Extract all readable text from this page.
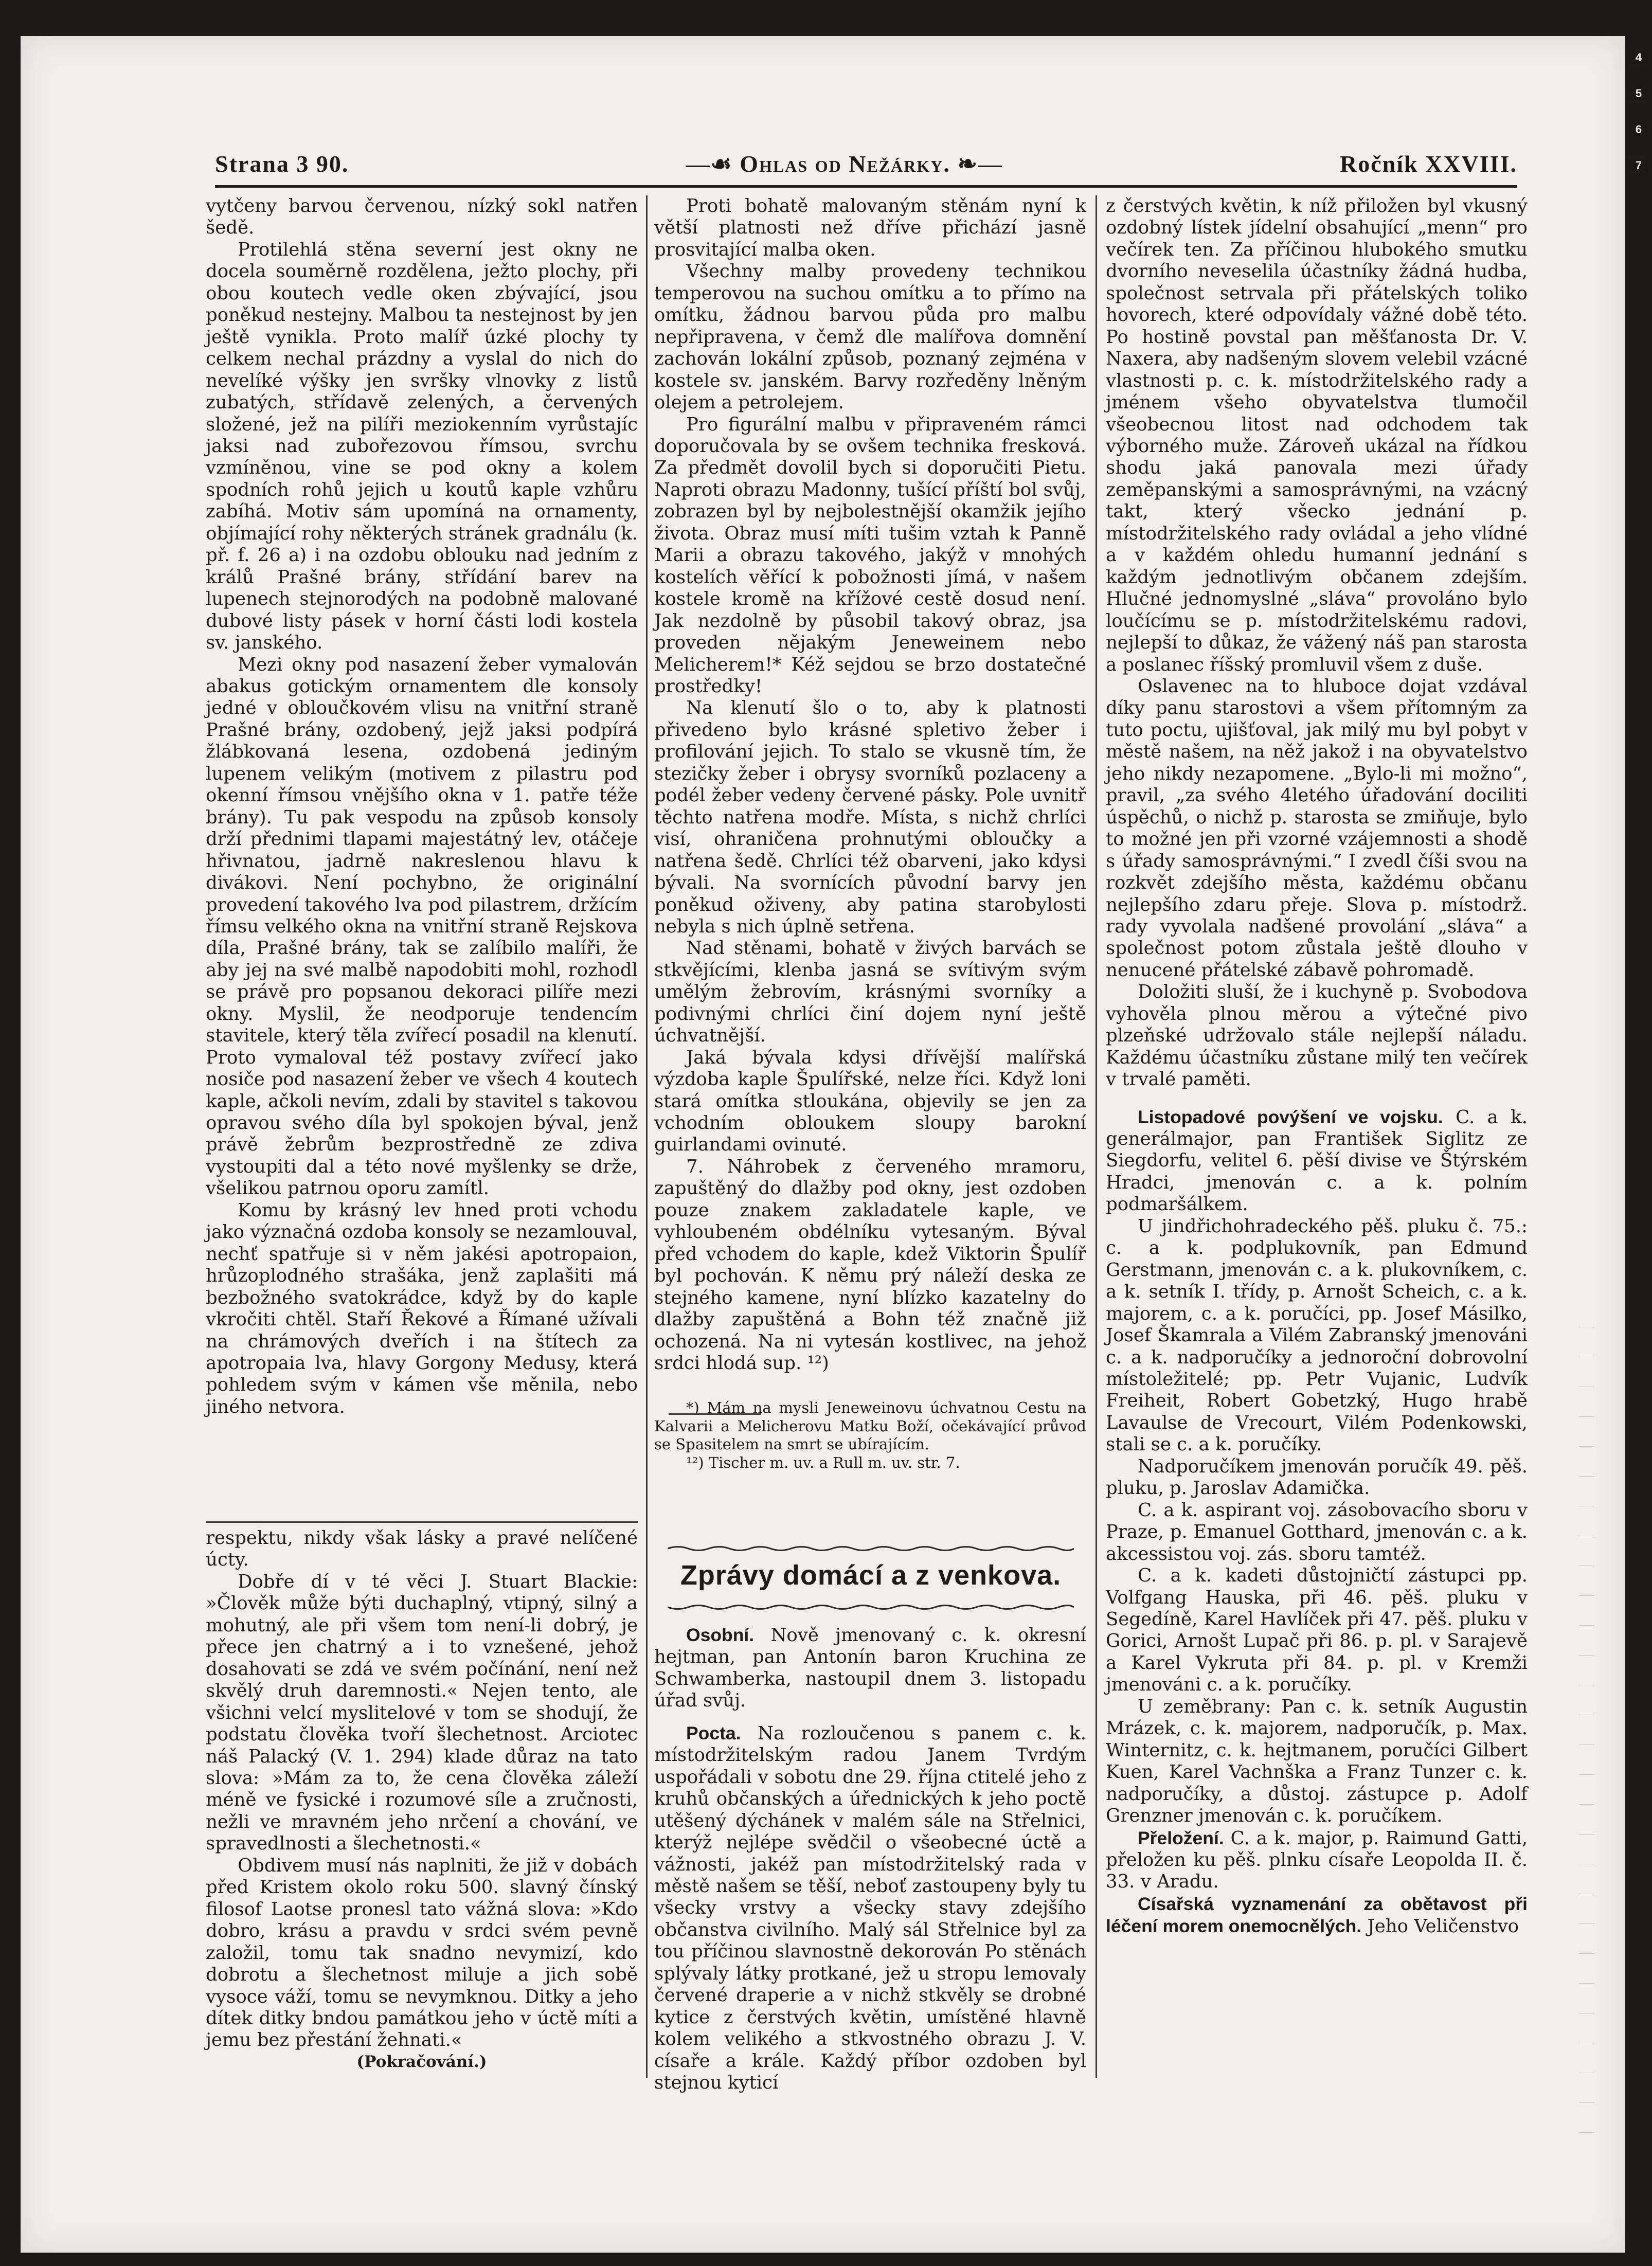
4
5
6
7
Strana 3 90.	—☙ Ohlas od Nežárky. ❧—	Ročník XXVIII.

vytčeny barvou červenou, nízký sokl natřen šedě.

Protilehlá stěna severní jest okny ne docela souměrně rozdělena, ježto plochy, při obou koutech vedle oken zbývající, jsou poněkud nestejny. Malbou ta nestejnost by jen ještě vynikla. Proto malíř úzké plochy ty celkem nechal prázdny a vyslal do nich do nevelíké výšky jen svršky vlnovky z listů zubatých, střídavě zelených, a červených složené, jež na pilíři meziokenním vyrůstajíc jaksi nad zubořezovou římsou, svrchu vzmíněnou, vine se pod okny a kolem spodních rohů jejich u koutů kaple vzhůru zabíhá. Motiv sám upomíná na ornamenty, objímající rohy některých stránek gradnálu (k. př. f. 26 a) i na ozdobu oblouku nad jedním z králů Prašné brány, střídání barev na lupenech stejnorodých na podobně malované dubové listy pásek v horní části lodi kostela sv. janského.

Mezi okny pod nasazení žeber vymalován abakus gotickým ornamentem dle konsoly jedné v obloučkovém vlisu na vnitřní straně Prašné brány, ozdobený, jejž jaksi podpírá žlábkovaná lesena, ozdobená jediným lupenem velikým (motivem z pilastru pod okenní římsou vnějšího okna v 1. patře téže brány). Tu pak vespodu na způsob konsoly drží přednimi tlapami majestátný lev, otáčeje hřivnatou, jadrně nakreslenou hlavu k divákovi. Není pochybno, že originální provedení takového lva pod pilastrem, držícím římsu velkého okna na vnitřní straně Rejskova díla, Prašné brány, tak se zalíbilo malíři, že aby jej na své malbě napodobiti mohl, rozhodl se právě pro popsanou dekoraci pilíře mezi okny. Myslil, že neodporuje tendencím stavitele, který těla zvířecí posadil na klenutí. Proto vymaloval též postavy zvířecí jako nosiče pod nasazení žeber ve všech 4 koutech kaple, ačkoli nevím, zdali by stavitel s takovou opravou svého díla byl spokojen býval, jenž právě žebrům bezprostředně ze zdiva vystoupiti dal a této nové myšlenky se drže, všelikou patrnou oporu zamítl.

Komu by krásný lev hned proti vchodu jako význačná ozdoba konsoly se nezamlouval, nechť spatřuje si v něm jakési apotropaion, hrůzoplodného strašáka, jenž zaplašiti má bezbožného svatokrádce, když by do kaple vkročiti chtěl. Staří Řekové a Římané užívali na chrámových dveřích i na štítech za apotropaia lva, hlavy Gorgony Medusy, která pohledem svým v kámen vše měnila, nebo jiného netvora.

respektu, nikdy však lásky a pravé nelíčené úcty.

Dobře dí v té věci J. Stuart Blackie: »Člověk může býti duchaplný, vtipný, silný a mohutný, ale při všem tom není-li dobrý, je přece jen chatrný a i to vznešené, jehož dosahovati se zdá ve svém počínání, není než skvělý druh daremnosti.« Nejen tento, ale všichni velcí myslitelové v tom se shodují, že podstatu člověka tvoří šlechetnost. Arciotec náš Palacký (V. 1. 294) klade důraz na tato slova: »Mám za to, že cena člověka záleží méně ve fysické i rozumové síle a zručnosti, nežli ve mravném jeho nrčení a chování, ve spravedlnosti a šlechetnosti.«

Obdivem musí nás naplniti, že již v dobách před Kristem okolo roku 500. slavný čínský filosof Laotse pronesl tato vážná slova: »Kdo dobro, krásu a pravdu v srdci svém pevně založil, tomu tak snadno nevymizí, kdo dobrotu a šlechetnost miluje a jich sobě vysoce váží, tomu se nevymknou. Ditky a jeho dítek ditky bndou památkou jeho v úctě míti a jemu bez přestání žehnati.«

(Pokračování.)

Proti bohatě malovaným stěnám nyní k větší platnosti než dříve přichází jasně prosvitající malba oken.

Všechny malby provedeny technikou temperovou na suchou omítku a to přímo na omítku, žádnou barvou půda pro malbu nepřipravena, v čemž dle malířova domnění zachován lokální způsob, poznaný zejména v kostele sv. janském. Barvy rozředěny lněným olejem a petrolejem.

Pro figurální malbu v připraveném rámci doporučovala by se ovšem technika fresková. Za předmět dovolil bych si doporučiti Pietu. Naproti obrazu Madonny, tušící příští bol svůj, zobrazen byl by nejbolestnější okamžik jejího života. Obraz musí míti tušim vztah k Panně Marii a obrazu takového, jakýž v mnohých kostelích věřící k pobožnosti jímá, v našem kostele kromě na křížové cestě dosud není. Jak nezdolně by působil takový obraz, jsa proveden nějakým Jeneweinem nebo Melicherem!* Kéž sejdou se brzo dostatečné prostředky!

Na klenutí šlo o to, aby k platnosti přivedeno bylo krásné spletivo žeber i profilování jejich. To stalo se vkusně tím, že stezičky žeber i obrysy svorníků pozlaceny a podél žeber vedeny červené pásky. Pole uvnitř těchto natřena modře. Místa, s nichž chrlíci visí, ohraničena prohnutými obloučky a natřena šedě. Chrlíci též obarveni, jako kdysi bývali. Na svornících původní barvy jen poněkud oživeny, aby patina starobylosti nebyla s nich úplně setřena.

Nad stěnami, bohatě v živých barvách se stkvějícími, klenba jasná se svítivým svým umělým žebrovím, krásnými svorníky a podivnými chrlíci činí dojem nyní ještě úchvatnější.

Jaká bývala kdysi dřívější malířská výzdoba kaple Špulířské, nelze říci. Když loni stará omítka stloukána, objevily se jen za vchodním obloukem sloupy barokní guirlandami ovinuté.

7. Náhrobek z červeného mramoru, zapuštěný do dlažby pod okny, jest ozdoben pouze znakem zakladatele kaple, ve vyhloubeném obdélníku vytesaným. Býval před vchodem do kaple, kdež Viktorin Špulíř byl pochován. K němu prý náleží deska ze stejného kamene, nyní blízko kazatelny do dlažby zapuštěná a Bohn též značně již ochozená. Na ni vytesán kostlivec, na jehož srdci hlodá sup. ¹²)

*) Mám na mysli Jeneweinovu úchvatnou Cestu na Kalvarii a Melicherovu Matku Boží, očekávající průvod se Spasitelem na smrt se ubírajícím.

¹²) Tischer m. uv. a Rull m. uv. str. 7.

Zprávy domácí a z venkova.

Osobní. Nově jmenovaný c. k. okresní hejtman, pan Antonín baron Kruchina ze Schwamberka, nastoupil dnem 3. listopadu úřad svůj.

Pocta. Na rozloučenou s panem c. k. místodržitelským radou Janem Tvrdým uspořádali v sobotu dne 29. října ctitelé jeho z kruhů občanských a úřednických k jeho poctě utěšený dýchánek v malém sále na Střelnici, kterýž nejlépe svědčil o všeobecné úctě a vážnosti, jakéž pan místodržitelský rada v městě našem se těší, neboť zastoupeny byly tu všecky vrstvy a všecky stavy zdejšího občanstva civilního. Malý sál Střelnice byl za tou příčinou slavnostně dekorován Po stěnách splývaly látky protkané, jež u stropu lemovaly červené draperie a v nichž stkvěly se drobné kytice z čerstvých květin, umístěné hlavně kolem velikého a stkvostného obrazu J. V. císaře a krále. Každý příbor ozdoben byl stejnou kyticí

z čerstvých květin, k níž přiložen byl vkusný ozdobný lístek jídelní obsahující „menn“ pro večírek ten. Za příčinou hlubokého smutku dvorního neveselila účastníky žádná hudba, společnost setrvala při přátelských toliko hovorech, které odpovídaly vážné době této. Po hostině povstal pan měšťanosta Dr. V. Naxera, aby nadšeným slovem velebil vzácné vlastnosti p. c. k. místodržitelského rady a jménem všeho obyvatelstva tlumočil všeobecnou litost nad odchodem tak výborného muže. Zároveň ukázal na řídkou shodu jaká panovala mezi úřady zeměpanskými a samosprávnými, na vzácný takt, který všecko jednání p. místodržitelského rady ovládal a jeho vlídné a v každém ohledu humanní jednání s každým jednotlivým občanem zdejším. Hlučné jednomyslné „sláva“ provoláno bylo loučícímu se p. místodržitelskému radovi, nejlepší to důkaz, že vážený náš pan starosta a poslanec říšský promluvil všem z duše.

Oslavenec na to hluboce dojat vzdával díky panu starostovi a všem přítomným za tuto poctu, ujišťoval, jak milý mu byl pobyt v městě našem, na něž jakož i na obyvatelstvo jeho nikdy nezapomene. „Bylo-li mi možno“, pravil, „za svého 4letého úřadování dociliti úspěchů, o nichž p. starosta se zmiňuje, bylo to možné jen při vzorné vzájemnosti a shodě s úřady samosprávnými.“ I zvedl číši svou na rozkvět zdejšího města, každému občanu nejlepšího zdaru přeje. Slova p. místodrž. rady vyvolala nadšené provolání „sláva“ a společnost potom zůstala ještě dlouho v nenucené přátelské zábavě pohromadě.

Doložiti sluší, že i kuchyně p. Svobodova vyhověla plnou měrou a výtečné pivo plzeňské udržovalo stále nejlepší náladu. Každému účastníku zůstane milý ten večírek v trvalé paměti.

Listopadové povýšení ve vojsku. C. a k. generálmajor, pan František Siglitz ze Siegdorfu, velitel 6. pěší divise ve Štýrském Hradci, jmenován c. a k. polním podmaršálkem.

U jindřichohradeckého pěš. pluku č. 75.: c. a k. podplukovník, pan Edmund Gerstmann, jmenován c. a k. plukovníkem, c. a k. setník I. třídy, p. Arnošt Scheich, c. a k. majorem, c. a k. poručíci, pp. Josef Másilko, Josef Škamrala a Vilém Zabranský jmenováni c. a k. nadporučíky a jednoroční dobrovolní místoležitelé; pp. Petr Vujanic, Ludvík Freiheit, Robert Gobetzký, Hugo hrabě Lavaulse de Vrecourt, Vilém Podenkowski, stali se c. a k. poručíky.

Nadporučíkem jmenován poručík 49. pěš. pluku, p. Jaroslav Adamička.

C. a k. aspirant voj. zásobovacího sboru v Praze, p. Emanuel Gotthard, jmenován c. a k. akcessistou voj. zás. sboru tamtéž.

C. a k. kadeti důstojničtí zástupci pp. Volfgang Hauska, při 46. pěš. pluku v Segedíně, Karel Havlíček při 47. pěš. pluku v Gorici, Arnošt Lupač při 86. p. pl. v Sarajevě a Karel Vykruta při 84. p. pl. v Kremži jmenováni c. a k. poručíky.

U zeměbrany: Pan c. k. setník Augustin Mrázek, c. k. majorem, nadporučík, p. Max. Winternitz, c. k. hejtmanem, poručíci Gilbert Kuen, Karel Vachnška a Franz Tunzer c. k. nadporučíky, a důstoj. zástupce p. Adolf Grenzner jmenován c. k. poručíkem.

Přeložení. C. a k. major, p. Raimund Gatti, přeložen ku pěš. plnku císaře Leopolda II. č. 33. v Aradu.

Císařská vyznamenání za obětavost při léčení morem onemocnělých. Jeho Veličenstvo
